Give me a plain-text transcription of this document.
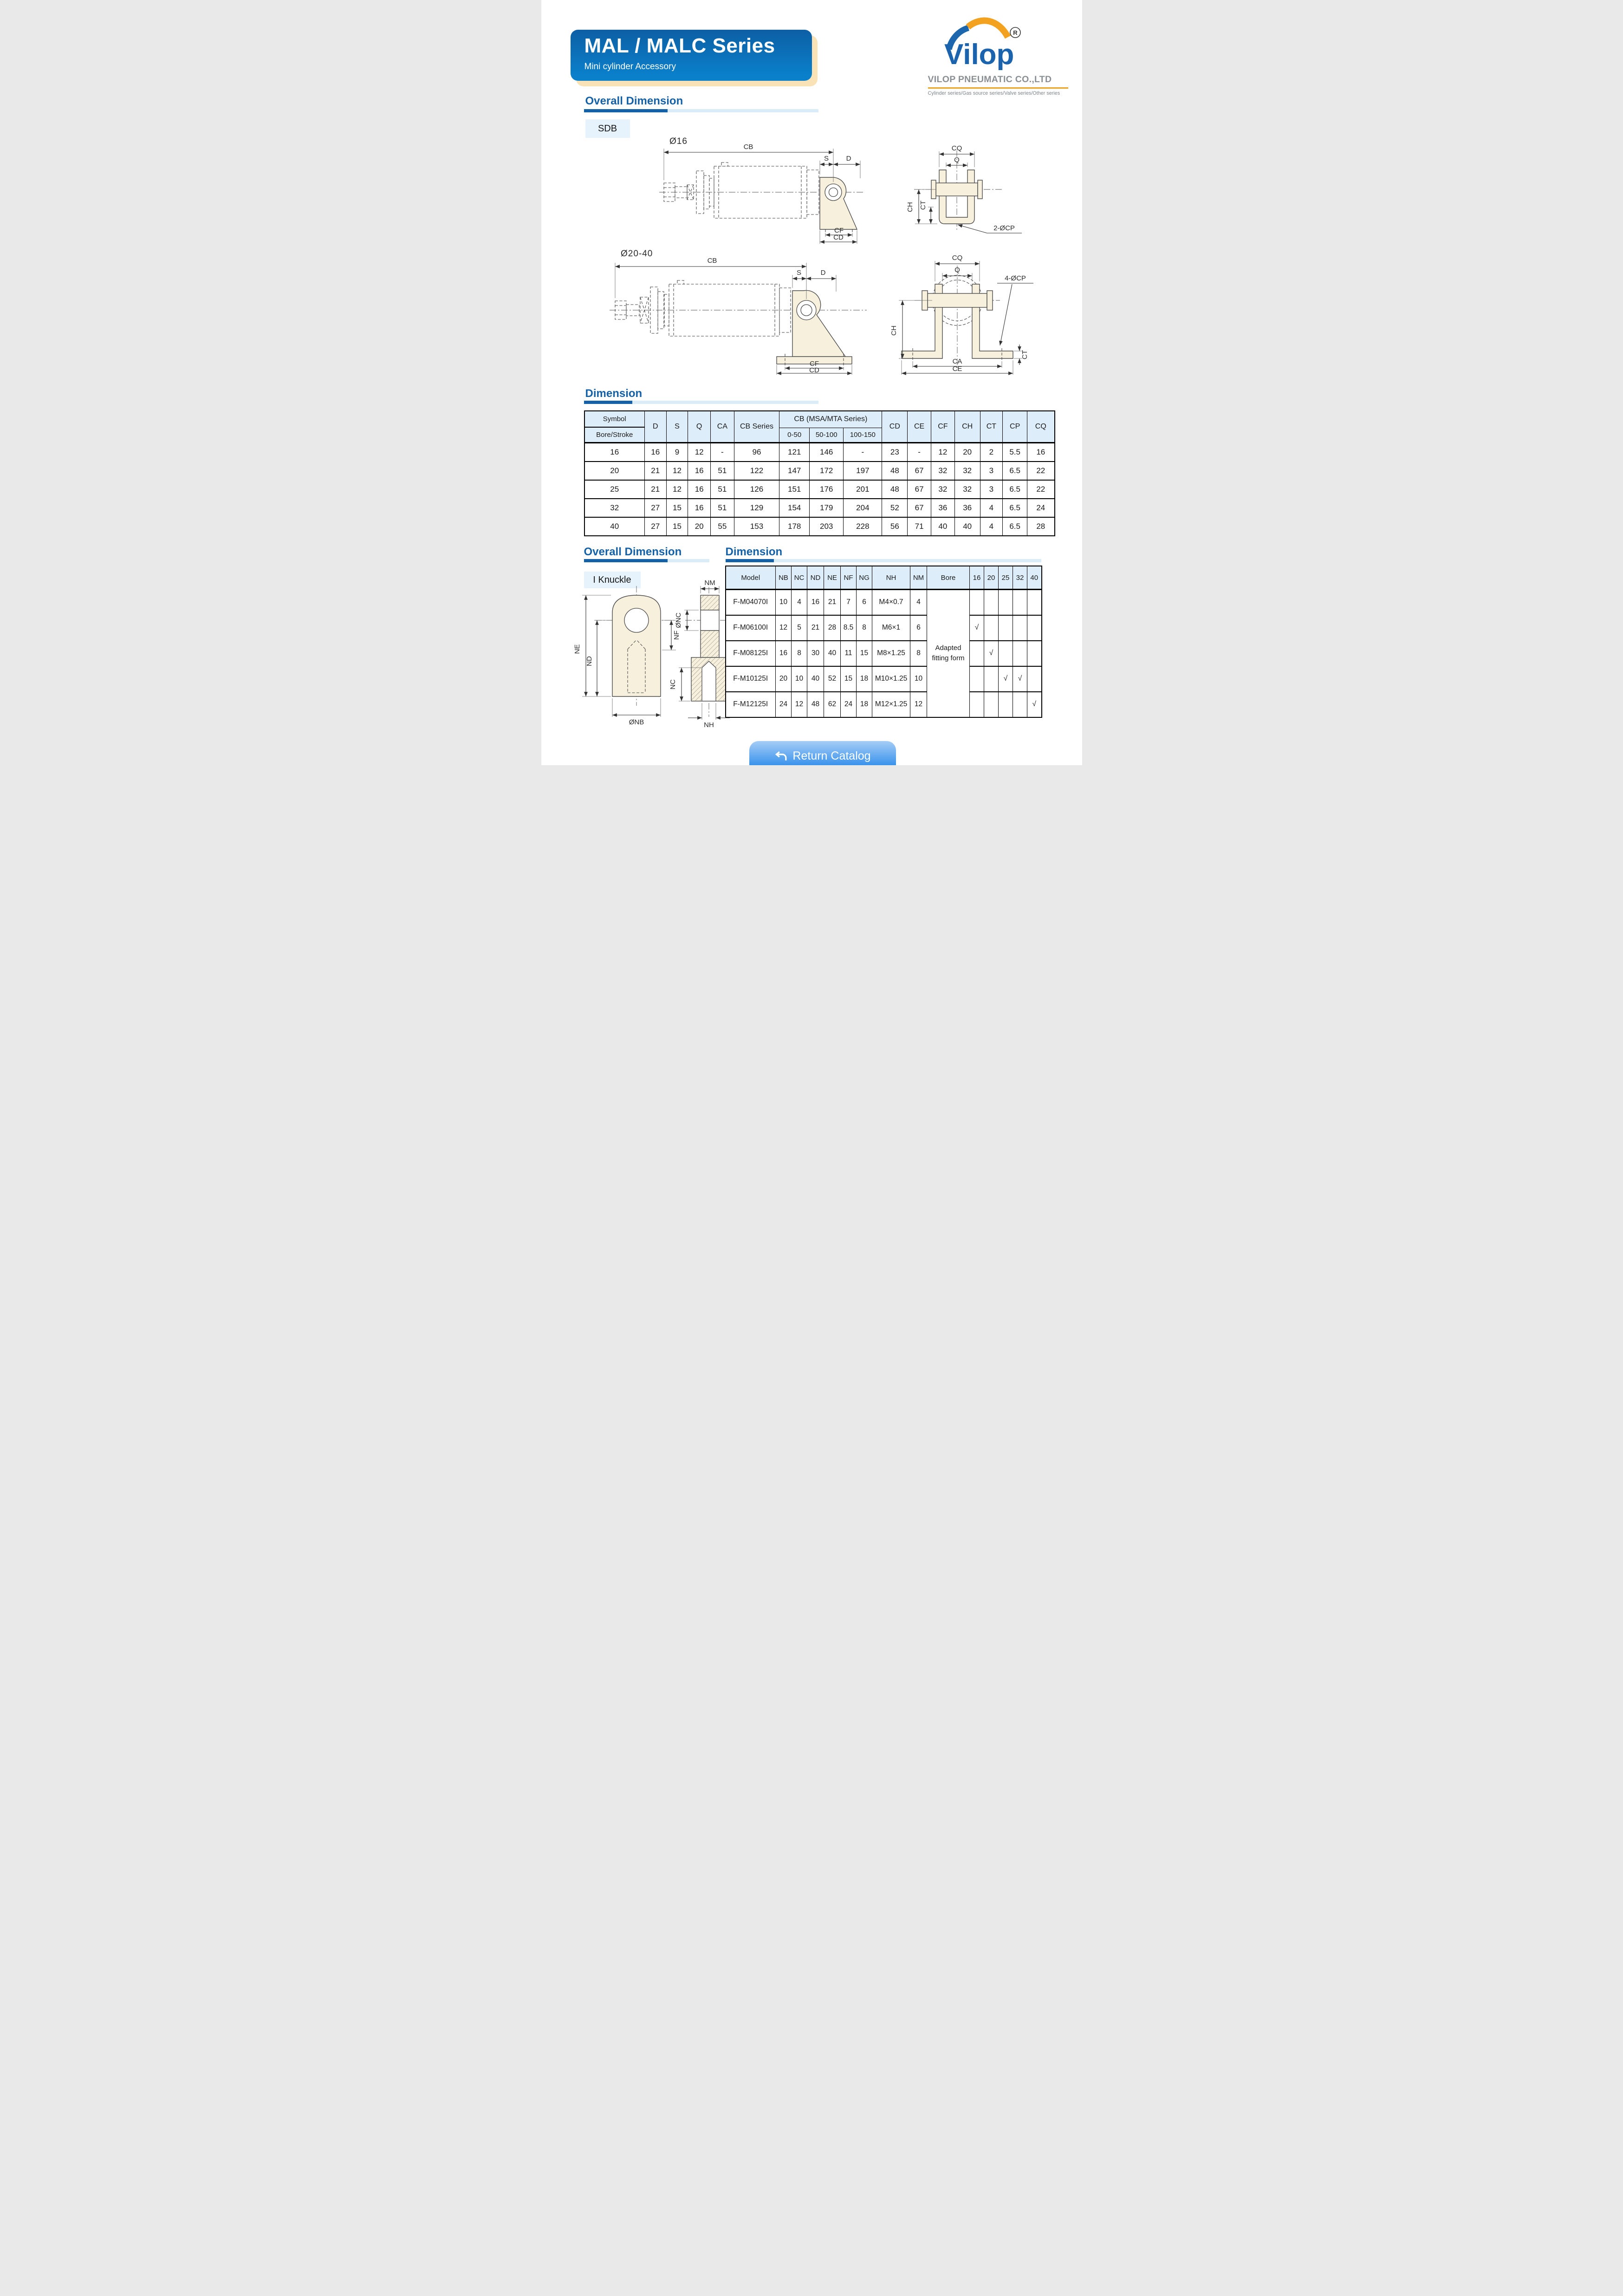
MAL / MALC Series
Mini cylinder Accessory
R
Vilop
VILOP PNEUMATIC CO.,LTD
Cylinder series/Gas source series/Valve series/Other series
Overall Dimension
SDB
Ø16
CB
S	D
CF
CD
CQ
Q
CH CT
2-ØCP
Ø20-40
CB
S	D
CF
CD
CQ
Q
CH
CA
CE
CT
4-ØCP
Dimension
Symbol
Bore/Stroke	D	S	Q	CA	CB Series	CB (MSA/MTA Series)			CD	CE	CF	CH	CT	CP	CQ
						0-50	50-100	100-150							
16	16	9	12	-	96	121	146	-	23	-	12	20	2	5.5	16
20	21	12	16	51	122	147	172	197	48	67	32	32	3	6.5	22
25	21	12	16	51	126	151	176	201	48	67	32	32	3	6.5	22
32	27	15	16	51	129	154	179	204	52	67	36	36	4	6.5	24
40	27	15	20	55	153	178	203	228	56	71	40	40	4	6.5	28
Overall Dimension	Dimension
I Knuckle
NE
ND
NF
ØNB
NM
ØNC
NC
NH
Model	NB	NC	ND	NE	NF	NG	NH	NM	Bore	16	20	25	32	40
F-M04070I	10	4	16	21	7	6	M4×0.7	4	Adapted fitting form					
F-M06100I	12	5	21	28	8.5	8	M6×1	6		√				
F-M08125I	16	8	30	40	11	15	M8×1.25	8			√			
F-M10125I	20	10	40	52	15	18	M10×1.25	10				√	√	
F-M12125I	24	12	48	62	24	18	M12×1.25	12						√
Return Catalog
